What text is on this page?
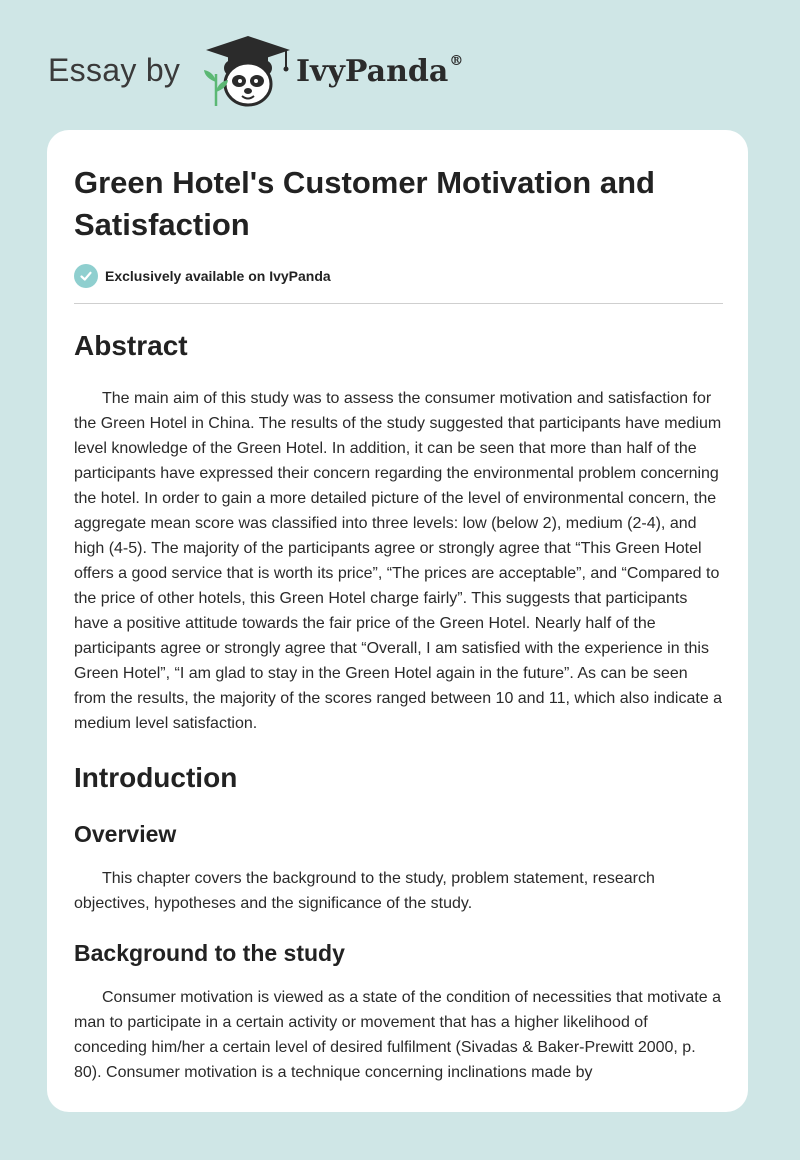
Essay by	IvyPanda®
Green Hotel's Customer Motivation and Satisfaction
Exclusively available on IvyPanda
Abstract

The main aim of this study was to assess the consumer motivation and satisfaction for the Green Hotel in China. The results of the study suggested that participants have medium level knowledge of the Green Hotel. In addition, it can be seen that more than half of the participants have expressed their concern regarding the environmental problem concerning the hotel. In order to gain a more detailed picture of the level of environmental concern, the aggregate mean score was classified into three levels: low (below 2), medium (2-4), and high (4-5). The majority of the participants agree or strongly agree that “This Green Hotel offers a good service that is worth its price”, “The prices are acceptable”, and “Compared to the price of other hotels, this Green Hotel charge fairly”. This suggests that participants have a positive attitude towards the fair price of the Green Hotel. Nearly half of the participants agree or strongly agree that “Overall, I am satisfied with the experience in this Green Hotel”, “I am glad to stay in the Green Hotel again in the future”. As can be seen from the results, the majority of the scores ranged between 10 and 11, which also indicate a medium level satisfaction.

Introduction
Overview

This chapter covers the background to the study, problem statement, research objectives, hypotheses and the significance of the study.

Background to the study

Consumer motivation is viewed as a state of the condition of necessities that motivate a man to participate in a certain activity or movement that has a higher likelihood of conceding him/her a certain level of desired fulfilment (Sivadas & Baker-Prewitt 2000, p. 80). Consumer motivation is a technique concerning inclinations made by
